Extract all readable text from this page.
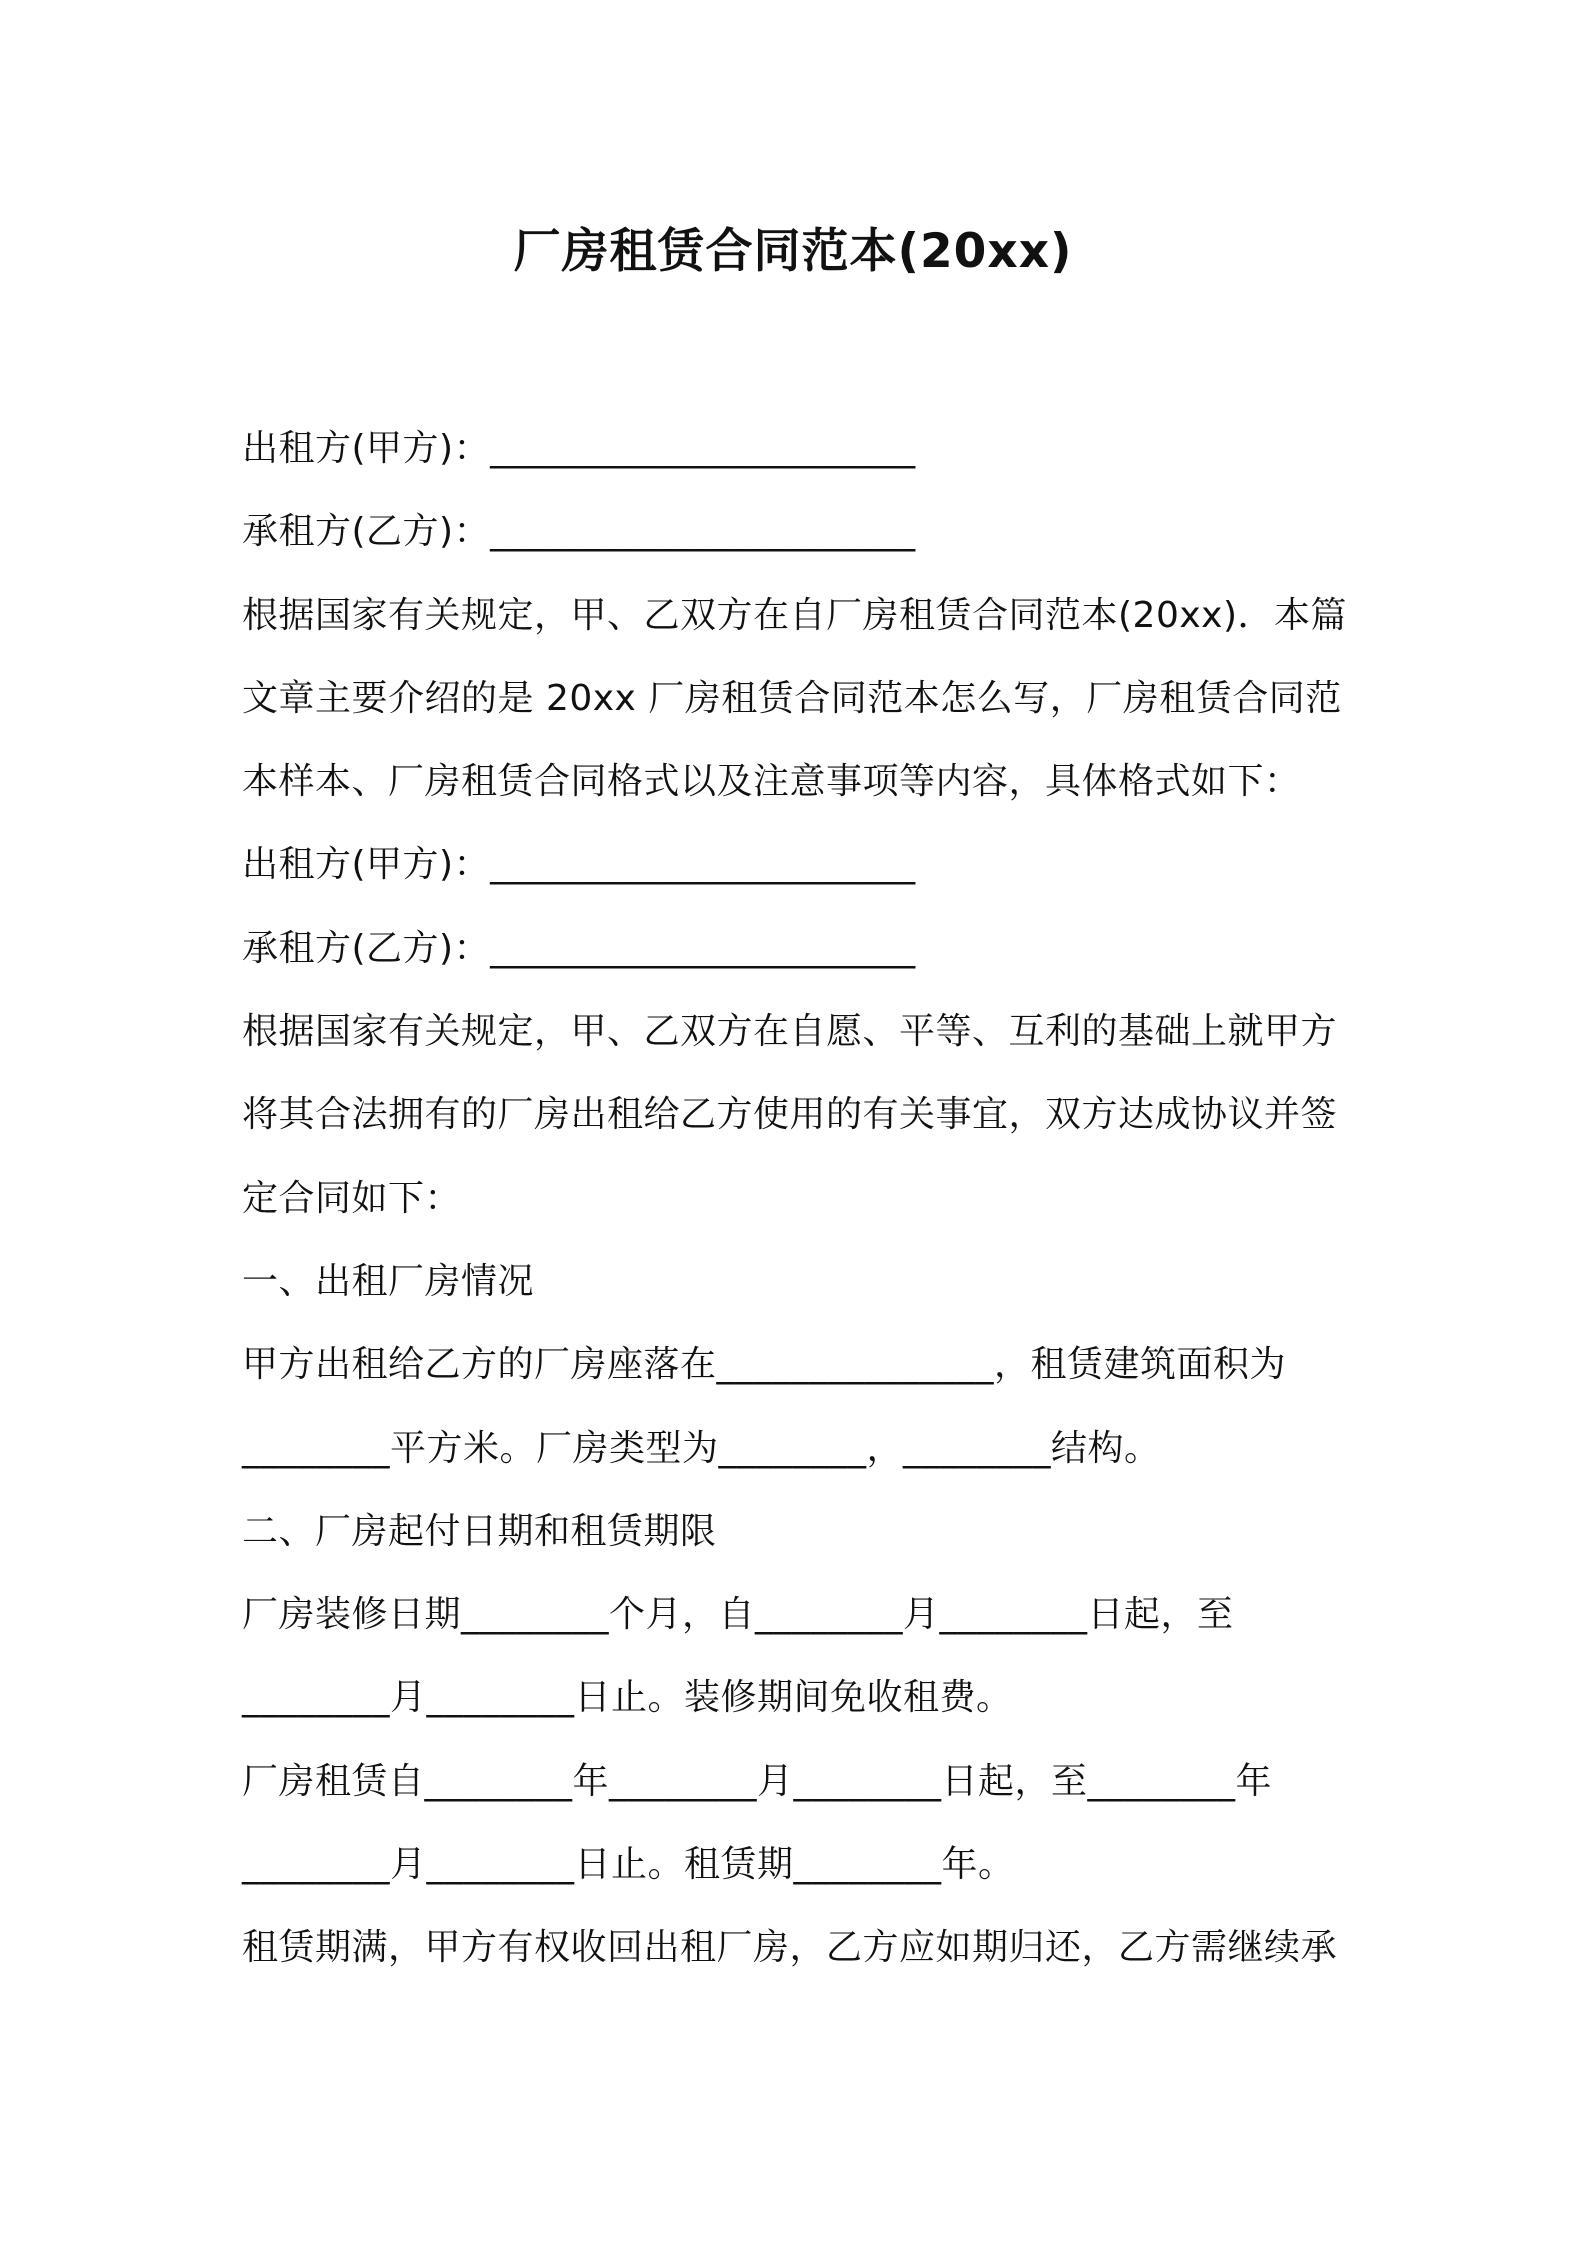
厂房租赁合同范本(20xx)
出租方(甲方)：_______________________
承租方(乙方)：_______________________
根据国家有关规定，甲、乙双方在自厂房租赁合同范本(20xx)．本篇
文章主要介绍的是 20xx 厂房租赁合同范本怎么写，厂房租赁合同范
本样本、厂房租赁合同格式以及注意事项等内容，具体格式如下：
出租方(甲方)：_______________________
承租方(乙方)：_______________________
根据国家有关规定，甲、乙双方在自愿、平等、互利的基础上就甲方
将其合法拥有的厂房出租给乙方使用的有关事宜，双方达成协议并签
定合同如下：
一、出租厂房情况
甲方出租给乙方的厂房座落在_______________，租赁建筑面积为
________平方米。厂房类型为________，________结构。
二、厂房起付日期和租赁期限
厂房装修日期________个月，自________月________日起，至
________月________日止。装修期间免收租费。
厂房租赁自________年________月________日起，至________年
________月________日止。租赁期________年。
租赁期满，甲方有权收回出租厂房，乙方应如期归还，乙方需继续承
